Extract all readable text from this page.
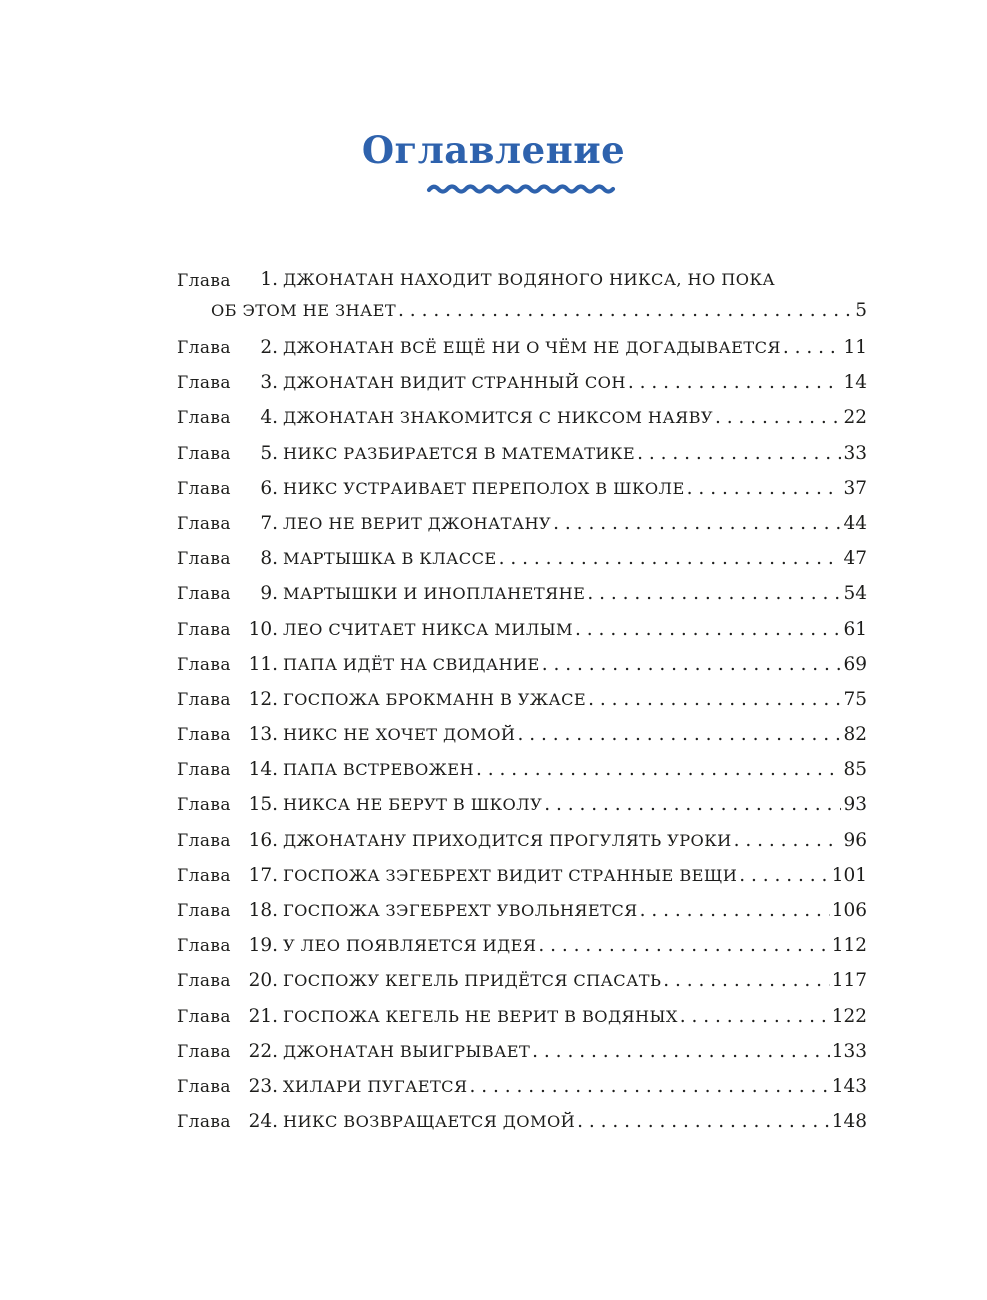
Оглавление
Глава	1. ДЖОНАТАН НАХОДИТ ВОДЯНОГО НИКСА, НО ПОКА
ОБ ЭТОМ НЕ ЗНАЕТ . . .	5
Глава	2. ДЖОНАТАН ВСЁ ЕЩЁ НИ О ЧЁМ НЕ ДОГАДЫВАЕТСЯ . . .	11
Глава	3. ДЖОНАТАН ВИДИТ СТРАННЫЙ СОН . . .	14
Глава	4. ДЖОНАТАН ЗНАКОМИТСЯ С НИКСОМ НАЯВУ . . .	22
Глава	5. НИКС РАЗБИРАЕТСЯ В МАТЕМАТИКЕ . . .	33
Глава	6. НИКС УСТРАИВАЕТ ПЕРЕПОЛОХ В ШКОЛЕ . . .	37
Глава	7. ЛЕО НЕ ВЕРИТ ДЖОНАТАНУ . . .	44
Глава	8. МАРТЫШКА В КЛАССЕ . . .	47
Глава	9. МАРТЫШКИ И ИНОПЛАНЕТЯНЕ . . .	54
Глава 10. ЛЕО СЧИТАЕТ НИКСА МИЛЫМ . . .	61
Глава 11. ПАПА ИДЁТ НА СВИДАНИЕ . . .	69
Глава 12. ГОСПОЖА БРОКМАНН В УЖАСЕ . . .	75
Глава 13. НИКС НЕ ХОЧЕТ ДОМОЙ . . .	82
Глава 14. ПАПА ВСТРЕВОЖЕН . . .	85
Глава 15. НИКСА НЕ БЕРУТ В ШКОЛУ . . .	93
Глава 16. ДЖОНАТАНУ ПРИХОДИТСЯ ПРОГУЛЯТЬ УРОКИ . . .	96
Глава 17. ГОСПОЖА ЗЭГЕБРЕХТ ВИДИТ СТРАННЫЕ ВЕЩИ . . .	101
Глава 18. ГОСПОЖА ЗЭГЕБРЕХТ УВОЛЬНЯЕТСЯ . . .	106
Глава 19. У ЛЕО ПОЯВЛЯЕТСЯ ИДЕЯ . . .	112
Глава 20. ГОСПОЖУ КЕГЕЛЬ ПРИДЁТСЯ СПАСАТЬ . . .	117
Глава 21. ГОСПОЖА КЕГЕЛЬ НЕ ВЕРИТ В ВОДЯНЫХ . . .	122
Глава 22. ДЖОНАТАН ВЫИГРЫВАЕТ . . .	133
Глава 23. ХИЛАРИ ПУГАЕТСЯ . . .	143
Глава 24. НИКС ВОЗВРАЩАЕТСЯ ДОМОЙ . . .	148
